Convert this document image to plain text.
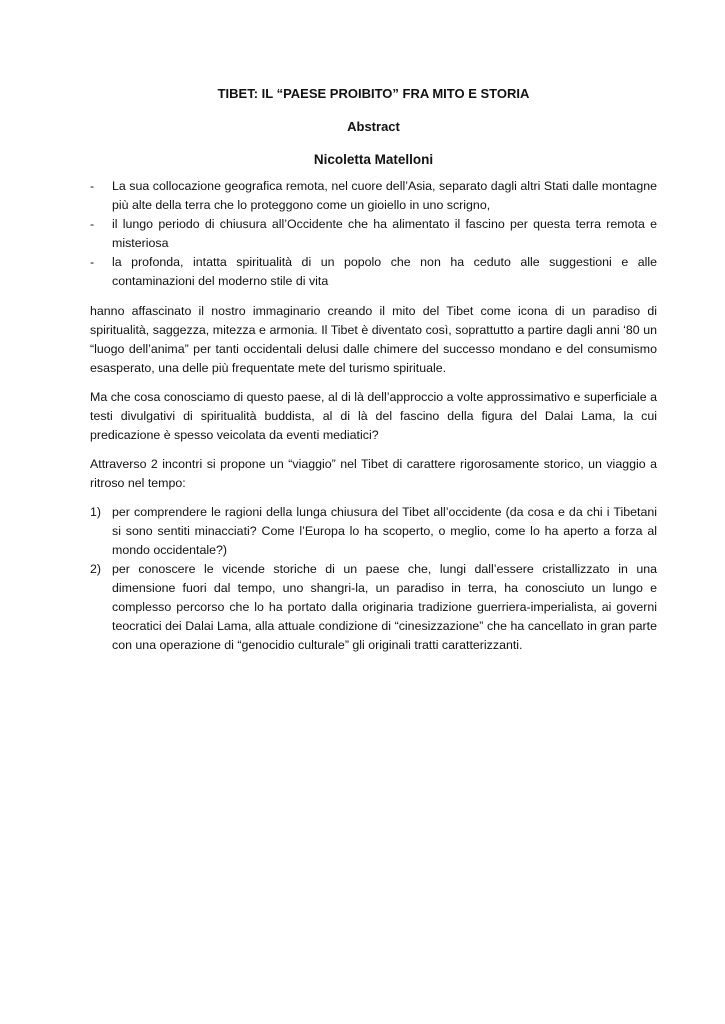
TIBET: IL “PAESE PROIBITO” FRA MITO E STORIA
Abstract
Nicoletta Matelloni
-	La sua collocazione geografica remota, nel cuore dell’Asia, separato dagli altri Stati dalle montagne più alte della terra che lo proteggono come un gioiello in uno scrigno,
-	il lungo periodo di chiusura all’Occidente che ha alimentato il fascino per questa terra remota e misteriosa
-	la profonda, intatta spiritualità di un popolo che non ha ceduto alle suggestioni e alle contaminazioni del moderno stile di vita

hanno affascinato il nostro immaginario creando il mito del Tibet come icona di un paradiso di spiritualità, saggezza, mitezza e armonia. Il Tibet è diventato così, soprattutto a partire dagli anni ‘80 un “luogo dell’anima” per tanti occidentali delusi dalle chimere del successo mondano e del consumismo esasperato, una delle più frequentate mete del turismo spirituale.

Ma che cosa conosciamo di questo paese, al di là dell’approccio a volte approssimativo e superficiale a testi divulgativi di spiritualità buddista, al di là del fascino della figura del Dalai Lama, la cui predicazione è spesso veicolata da eventi mediatici?

Attraverso 2 incontri si propone un “viaggio” nel Tibet di carattere rigorosamente storico, un viaggio a ritroso nel tempo:

1) per comprendere le ragioni della lunga chiusura del Tibet all’occidente (da cosa e da chi i Tibetani si sono sentiti minacciati? Come l’Europa lo ha scoperto, o meglio, come lo ha aperto a forza al mondo occidentale?)
2) per conoscere le vicende storiche di un paese che, lungi dall’essere cristallizzato in una dimensione fuori dal tempo, uno shangri-la, un paradiso in terra, ha conosciuto un lungo e complesso percorso che lo ha portato dalla originaria tradizione guerriera-imperialista, ai governi teocratici dei Dalai Lama, alla attuale condizione di “cinesizzazione” che ha cancellato in gran parte con una operazione di “genocidio culturale” gli originali tratti caratterizzanti.
